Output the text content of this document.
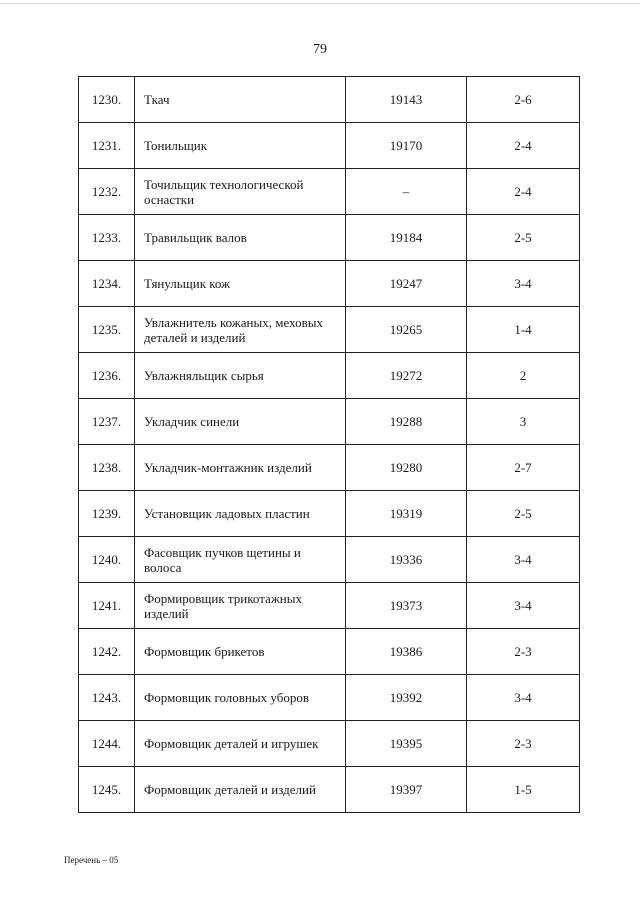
79
1230.	Ткач	19143	2-6
1231.	Тонильщик	19170	2-4
1232.	Точильщик технологической оснастки	–	2-4
1233.	Травильщик валов	19184	2-5
1234.	Тянульщик кож	19247	3-4
1235.	Увлажнитель кожаных, меховых деталей и изделий	19265	1-4
1236.	Увлажняльщик сырья	19272	2
1237.	Укладчик синели	19288	3
1238.	Укладчик-монтажник изделий	19280	2-7
1239.	Установщик ладовых пластин	19319	2-5
1240.	Фасовщик пучков щетины и волоса	19336	3-4
1241.	Формировщик трикотажных изделий	19373	3-4
1242.	Формовщик брикетов	19386	2-3
1243.	Формовщик головных уборов	19392	3-4
1244.	Формовщик деталей и игрушек	19395	2-3
1245.	Формовщик деталей и изделий	19397	1-5
Перечень – 05
